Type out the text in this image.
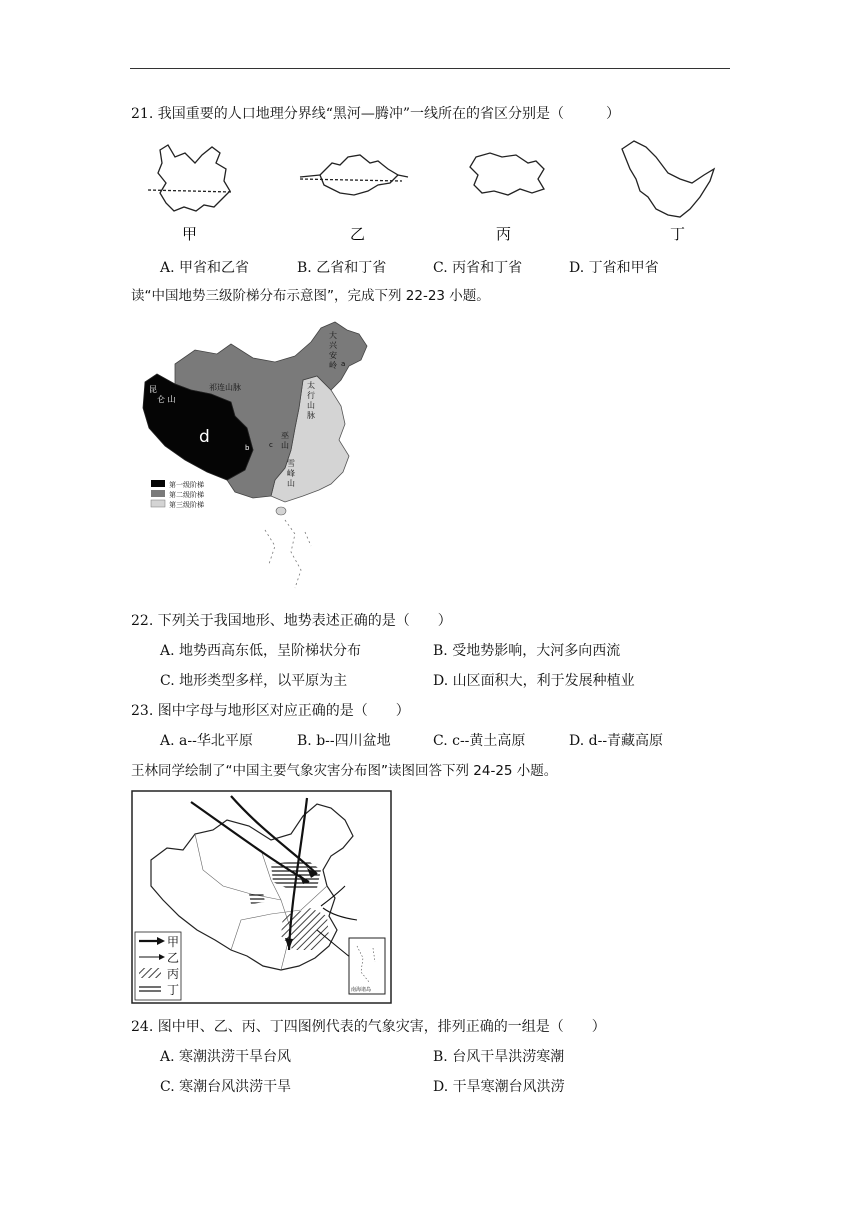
21. 我国重要的人口地理分界线“黑河—腾冲”一线所在的省区分别是（　　　）
甲	乙	丙	丁
A. 甲省和乙省	B. 乙省和丁省	C. 丙省和丁省	D. 丁省和甲省
读“中国地势三级阶梯分布示意图”，完成下列 22-23 小题。
d
昆
仑 山
祁连山脉
大
兴
安
岭 a
太
行
山
脉
b
巫
山
c
雪
峰
山
第一级阶梯
第二级阶梯
第三级阶梯
22. 下列关于我国地形、地势表述正确的是（　　）
A. 地势西高东低，呈阶梯状分布	B. 受地势影响，大河多向西流
C. 地形类型多样，以平原为主	D. 山区面积大，利于发展种植业
23. 图中字母与地形区对应正确的是（　　）
A. a--华北平原	B. b--四川盆地	C. c--黄土高原	D. d--青藏高原
王林同学绘制了“中国主要气象灾害分布图”读图回答下列 24-25 小题。
南海诸岛
甲
乙
丙
丁
24. 图中甲、乙、丙、丁四图例代表的气象灾害，排列正确的一组是（　　）
A. 寒潮洪涝干旱台风	B. 台风干旱洪涝寒潮
C. 寒潮台风洪涝干旱	D. 干旱寒潮台风洪涝
